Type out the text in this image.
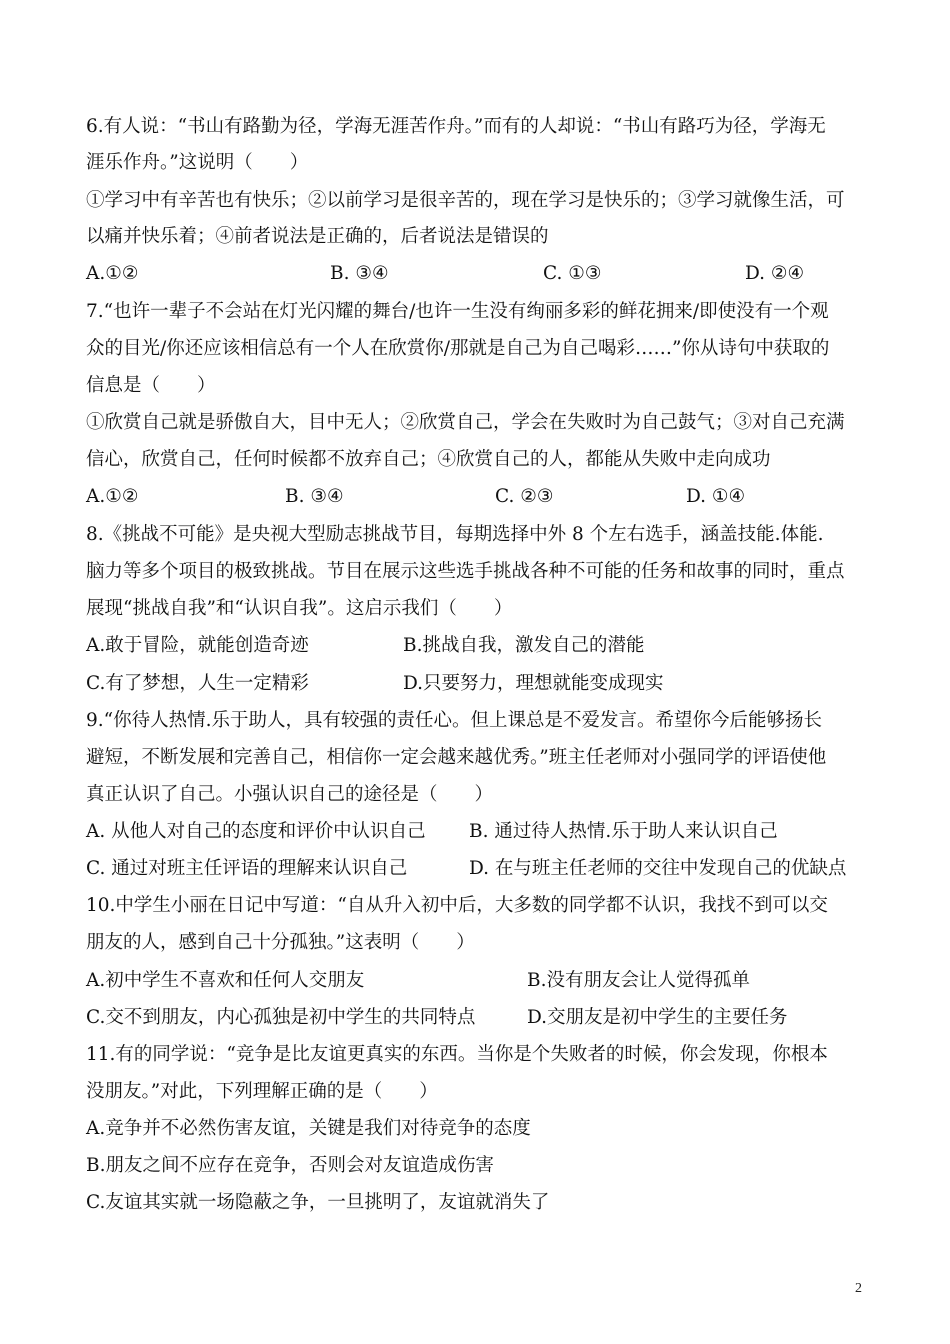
6.有人说：“书山有路勤为径，学海无涯苦作舟。”而有的人却说：“书山有路巧为径，学海无
涯乐作舟。”这说明（　　）
①学习中有辛苦也有快乐；②以前学习是很辛苦的，现在学习是快乐的；③学习就像生活，可
以痛并快乐着；④前者说法是正确的，后者说法是错误的
A.①②	B. ③④	C. ①③	D. ②④
7.“也许一辈子不会站在灯光闪耀的舞台/也许一生没有绚丽多彩的鲜花拥来/即使没有一个观
众的目光/你还应该相信总有一个人在欣赏你/那就是自己为自己喝彩……”你从诗句中获取的
信息是（　　）
①欣赏自己就是骄傲自大，目中无人；②欣赏自己，学会在失败时为自己鼓气；③对自己充满
信心，欣赏自己，任何时候都不放弃自己；④欣赏自己的人，都能从失败中走向成功
A.①②	B. ③④	C. ②③	D. ①④
8.《挑战不可能》是央视大型励志挑战节目，每期选择中外 8 个左右选手，涵盖技能.体能.
脑力等多个项目的极致挑战。节目在展示这些选手挑战各种不可能的任务和故事的同时，重点
展现“挑战自我”和“认识自我”。这启示我们（　　）
A.敢于冒险，就能创造奇迹	B.挑战自我，激发自己的潜能
C.有了梦想，人生一定精彩	D.只要努力，理想就能变成现实
9.“你待人热情.乐于助人，具有较强的责任心。但上课总是不爱发言。希望你今后能够扬长
避短，不断发展和完善自己，相信你一定会越来越优秀。”班主任老师对小强同学的评语使他
真正认识了自己。小强认识自己的途径是（　　）
A. 从他人对自己的态度和评价中认识自己 B. 通过待人热情.乐于助人来认识自己
C. 通过对班主任评语的理解来认识自己	D. 在与班主任老师的交往中发现自己的优缺点
10.中学生小丽在日记中写道：“自从升入初中后，大多数的同学都不认识，我找不到可以交
朋友的人，感到自己十分孤独。”这表明（　　）
A.初中学生不喜欢和任何人交朋友	B.没有朋友会让人觉得孤单
C.交不到朋友，内心孤独是初中学生的共同特点	D.交朋友是初中学生的主要任务
11.有的同学说：“竞争是比友谊更真实的东西。当你是个失败者的时候，你会发现，你根本
没朋友。”对此，下列理解正确的是（　　）
A.竞争并不必然伤害友谊，关键是我们对待竞争的态度
B.朋友之间不应存在竞争，否则会对友谊造成伤害
C.友谊其实就一场隐蔽之争，一旦挑明了，友谊就消失了
2
